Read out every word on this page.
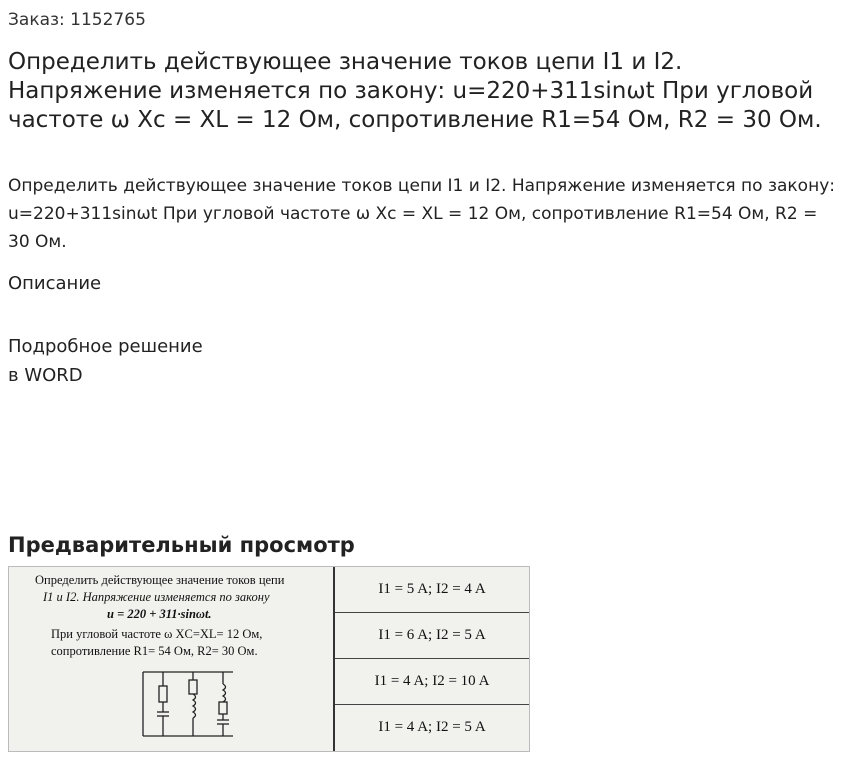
Заказ: 1152765
Определить действующее значение токов цепи I1 и I2. Напряжение изменяется по закону: u=220+311sinωt При угловой частоте ω Xc = XL = 12 Ом, сопротивление R1=54 Ом, R2 = 30 Ом.
Определить действующее значение токов цепи I1 и I2. Напряжение изменяется по закону: u=220+311sinωt При угловой частоте ω Xc = XL = 12 Ом, сопротивление R1=54 Ом, R2 = 30 Ом.
Описание
Подробное решение
в WORD
Предварительный просмотр
Определить действующее значение токов цепи
I1 и I2. Напряжение изменяется по закону
u = 220 + 311·sinωt.
При угловой частоте ω XC=XL= 12 Ом,
сопротивление R1= 54 Ом, R2= 30 Ом.
I1 = 5 A; I2 = 4 A
I1 = 6 A; I2 = 5 A
I1 = 4 A; I2 = 10 A
I1 = 4 A; I2 = 5 A
